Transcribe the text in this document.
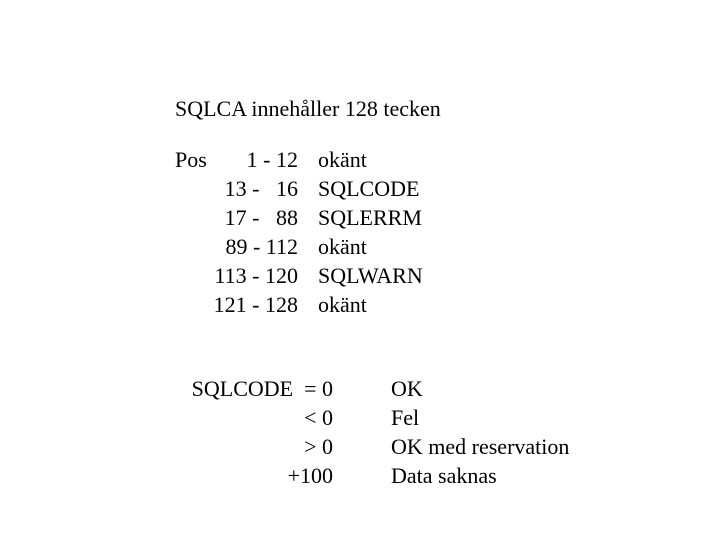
SQLCA innehåller 128 tecken
Pos	1 - 12 okänt
13 -   16 SQLCODE
17 -   88 SQLERRM
89 - 112 okänt
113 - 120 SQLWARN
121 - 128 okänt
SQLCODE  = 0	OK
< 0	Fel
> 0	OK med reservation
+100	Data saknas
